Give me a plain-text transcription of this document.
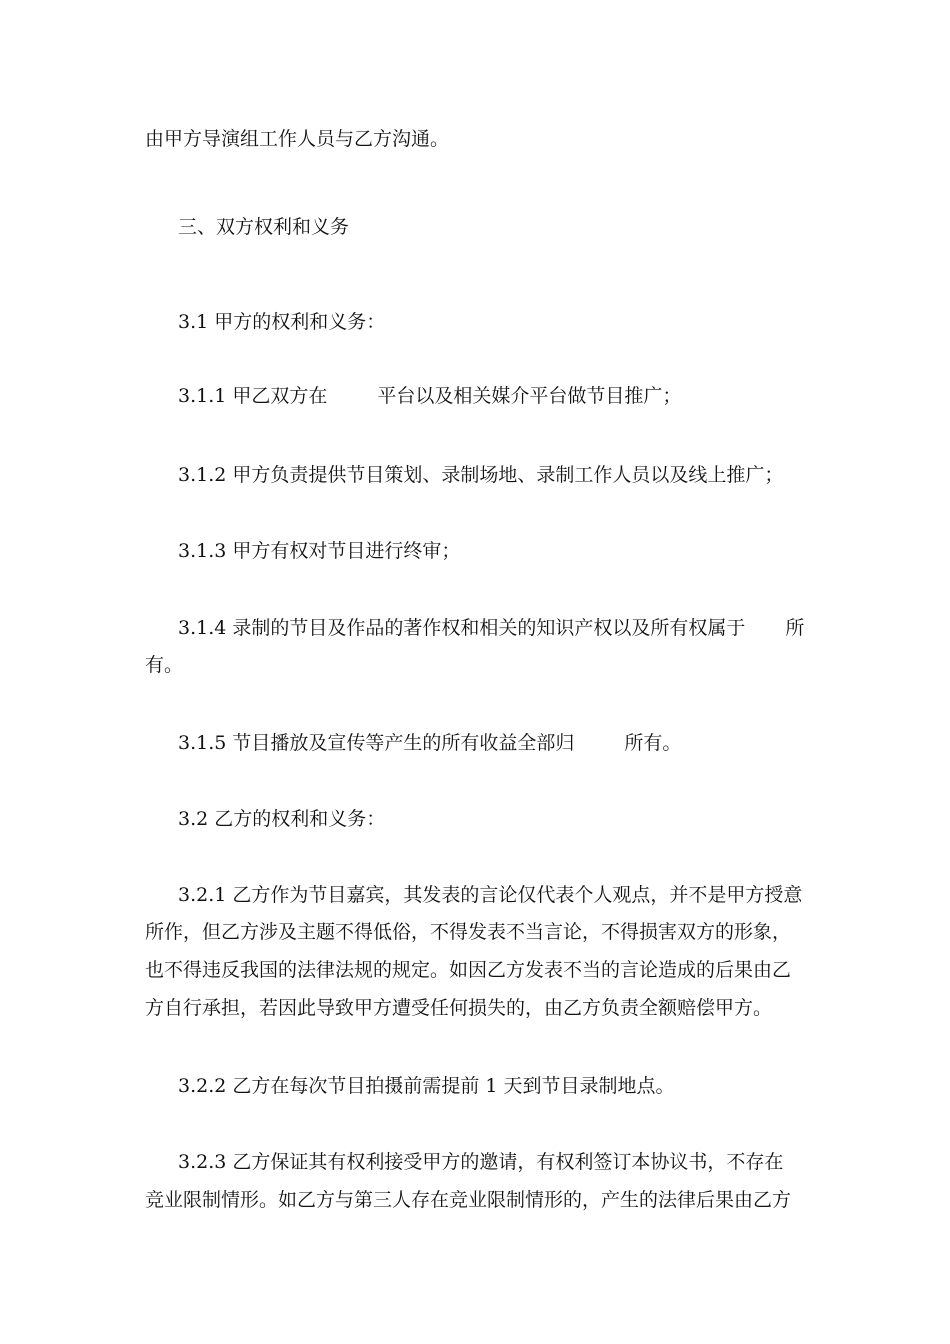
由甲方导演组工作人员与乙方沟通。
三、双方权利和义务
3.1 甲方的权利和义务：
3.1.1 甲乙双方在	平台以及相关媒介平台做节目推广；
3.1.2 甲方负责提供节目策划、录制场地、录制工作人员以及线上推广；
3.1.3 甲方有权对节目进行终审；
3.1.4 录制的节目及作品的著作权和相关的知识产权以及所有权属于 所
有。
3.1.5 节目播放及宣传等产生的所有收益全部归	所有。
3.2 乙方的权利和义务：
3.2.1 乙方作为节目嘉宾，其发表的言论仅代表个人观点，并不是甲方授意
所作，但乙方涉及主题不得低俗，不得发表不当言论，不得损害双方的形象，
也不得违反我国的法律法规的规定。如因乙方发表不当的言论造成的后果由乙
方自行承担，若因此导致甲方遭受任何损失的，由乙方负责全额赔偿甲方。
3.2.2 乙方在每次节目拍摄前需提前 1 天到节目录制地点。
3.2.3 乙方保证其有权利接受甲方的邀请，有权利签订本协议书，不存在
竞业限制情形。如乙方与第三人存在竞业限制情形的，产生的法律后果由乙方
